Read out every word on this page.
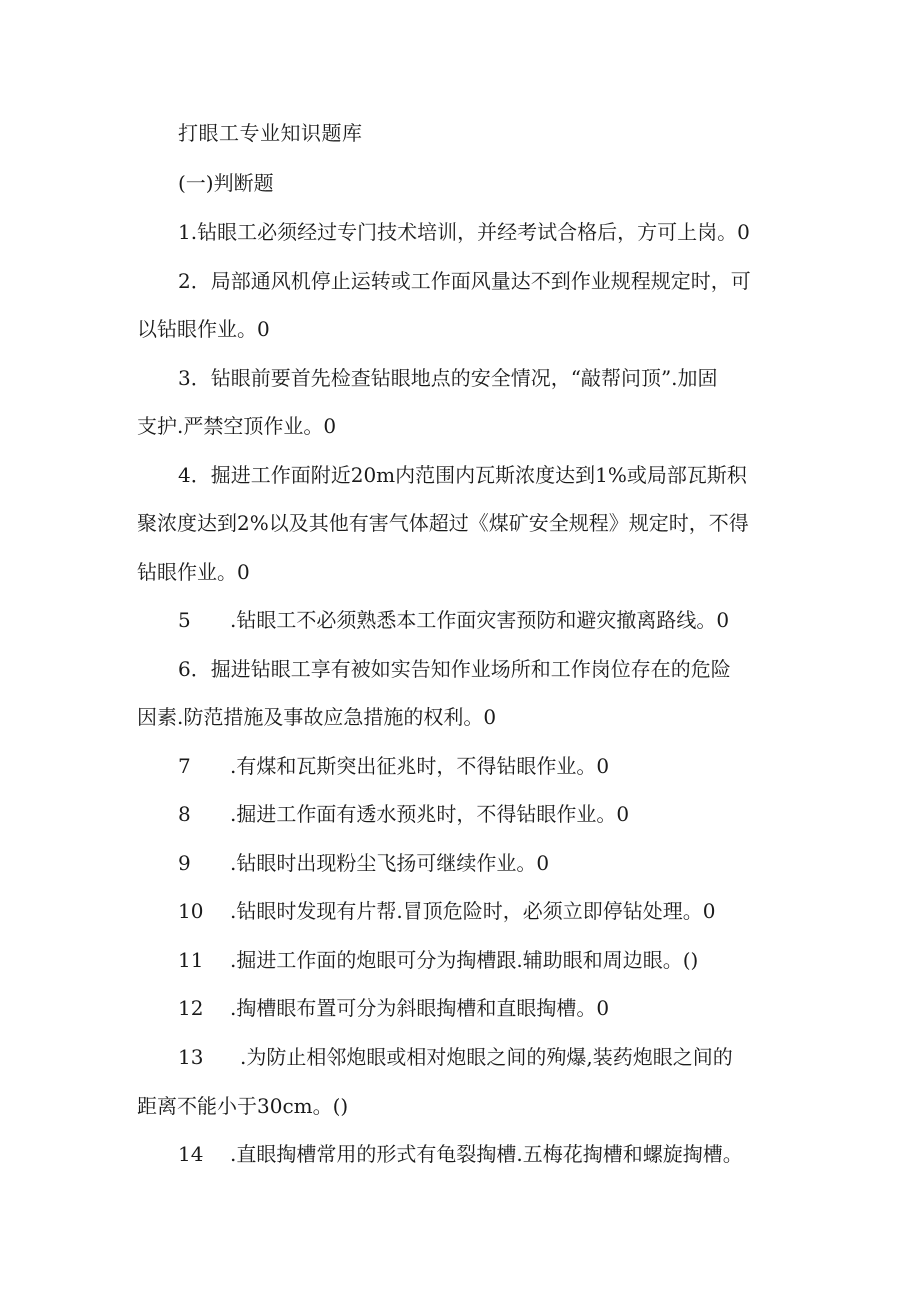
打眼工专业知识题库
(一)判断题
1.钻眼工必须经过专门技术培训，并经考试合格后，方可上岗。0
2．局部通风机停止运转或工作面风量达不到作业规程规定时，可
以钻眼作业。0
3．钻眼前要首先检查钻眼地点的安全情况，“敲帮问顶”.加固
支护.严禁空顶作业。0
4．掘进工作面附近20m内范围内瓦斯浓度达到1%或局部瓦斯积
聚浓度达到2%以及其他有害气体超过《煤矿安全规程》规定时，不得
钻眼作业。0
5 .钻眼工不必须熟悉本工作面灾害预防和避灾撤离路线。0
6．掘进钻眼工享有被如实告知作业场所和工作岗位存在的危险
因素.防范措施及事故应急措施的权利。0
7 .有煤和瓦斯突出征兆时，不得钻眼作业。0
8 .掘进工作面有透水预兆时，不得钻眼作业。0
9 .钻眼时出现粉尘飞扬可继续作业。0
10 .钻眼时发现有片帮.冒顶危险时，必须立即停钻处理。0
11 .掘进工作面的炮眼可分为掏槽跟.辅助眼和周边眼。()
12 .掏槽眼布置可分为斜眼掏槽和直眼掏槽。0
13 .为防止相邻炮眼或相对炮眼之间的殉爆,装药炮眼之间的
距离不能小于30cm。()
14 .直眼掏槽常用的形式有龟裂掏槽.五梅花掏槽和螺旋掏槽。
